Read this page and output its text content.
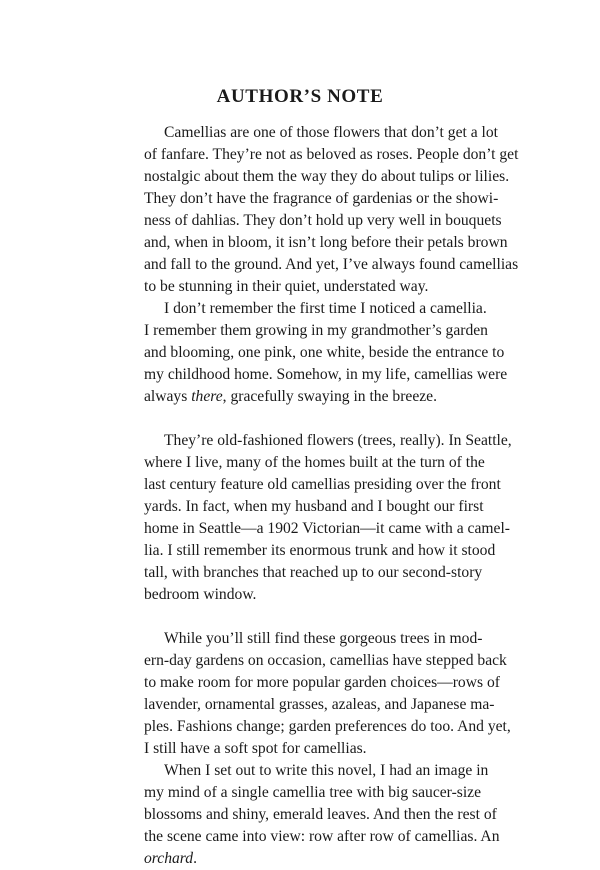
AUTHOR’S NOTE
Camellias are one of those flowers that don’t get a lot
of fanfare. They’re not as beloved as roses. People don’t get
nostalgic about them the way they do about tulips or lilies.
They don’t have the fragrance of gardenias or the showi-
ness of dahlias. They don’t hold up very well in bouquets
and, when in bloom, it isn’t long before their petals brown
and fall to the ground. And yet, I’ve always found camellias
to be stunning in their quiet, understated way.
I don’t remember the first time I noticed a camellia.
I remember them growing in my grandmother’s garden
and blooming, one pink, one white, beside the entrance to
my childhood home. Somehow, in my life, camellias were
always there, gracefully swaying in the breeze.
They’re old-fashioned flowers (trees, really). In Seattle,
where I live, many of the homes built at the turn of the
last century feature old camellias presiding over the front
yards. In fact, when my husband and I bought our first
home in Seattle—a 1902 Victorian—it came with a camel-
lia. I still remember its enormous trunk and how it stood
tall, with branches that reached up to our second-story
bedroom window.
While you’ll still find these gorgeous trees in mod-
ern-day gardens on occasion, camellias have stepped back
to make room for more popular garden choices—rows of
lavender, ornamental grasses, azaleas, and Japanese ma-
ples. Fashions change; garden preferences do too. And yet,
I still have a soft spot for camellias.
When I set out to write this novel, I had an image in
my mind of a single camellia tree with big saucer-size
blossoms and shiny, emerald leaves. And then the rest of
the scene came into view: row after row of camellias. An
orchard.
